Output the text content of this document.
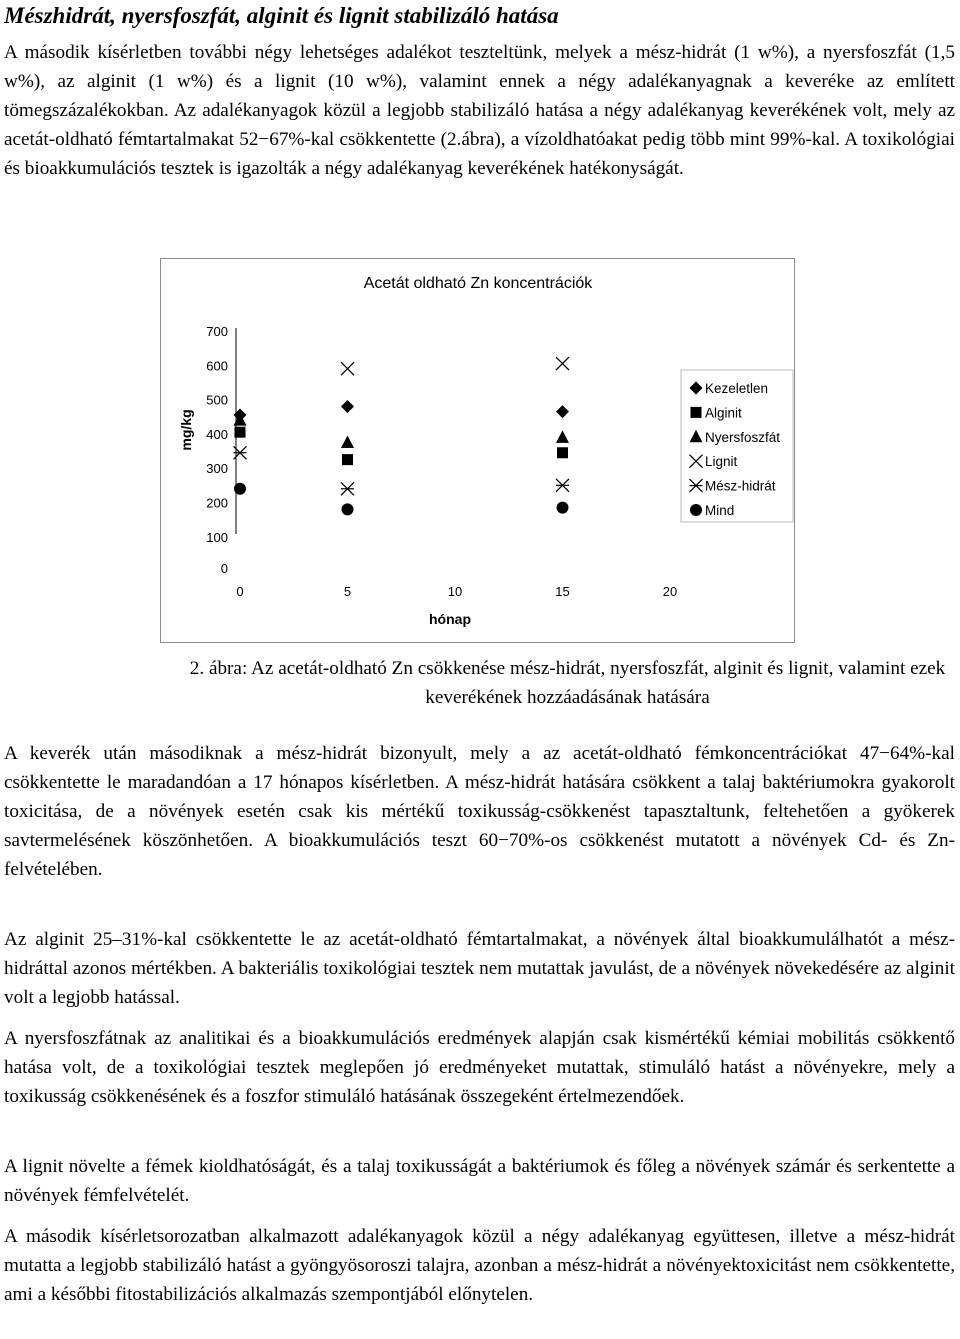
Mészhidrát, nyersfoszfát, alginit és lignit stabilizáló hatása

A második kísérletben további négy lehetséges adalékot teszteltünk, melyek a mész-hidrát (1 w%), a nyersfoszfát (1,5 w%), az alginit (1 w%) és a lignit (10 w%), valamint ennek a négy adalékanyagnak a keveréke az említett tömegszázalékokban. Az adalékanyagok közül a legjobb stabilizáló hatása a négy adalékanyag keverékének volt, mely az acetát-oldható fémtartalmakat 52−67%-kal csökkentette (2.ábra), a vízoldhatóakat pedig több mint 99%-kal. A toxikológiai és bioakkumulációs tesztek is igazolták a négy adalékanyag keverékének hatékonyságát.

Acetát oldható Zn koncentrációk
mg/kg
hónap
0
100
200
300
400
500
600
700
0	5	10	15	20
Kezeletlen
Alginit
Nyersfoszfát
Lignit
Mész-hidrát
Mind

2. ábra: Az acetát-oldható Zn csökkenése mész-hidrát, nyersfoszfát, alginit és lignit, valamint ezek keverékének hozzáadásának hatására

A keverék után másodiknak a mész-hidrát bizonyult, mely a az acetát-oldható fémkoncentrációkat 47−64%-kal csökkentette le maradandóan a 17 hónapos kísérletben. A mész-hidrát hatására csökkent a talaj baktériumokra gyakorolt toxicitása, de a növények esetén csak kis mértékű toxikusság-csökkenést tapasztaltunk, feltehetően a gyökerek savtermelésének köszönhetően. A bioakkumulációs teszt 60−70%-os csökkenést mutatott a növények Cd- és Zn-felvételében.

Az alginit 25–31%-kal csökkentette le az acetát-oldható fémtartalmakat, a növények által bioakkumulálhatót a mész-hidráttal azonos mértékben. A bakteriális toxikológiai tesztek nem mutattak javulást, de a növények növekedésére az alginit volt a legjobb hatással.

A nyersfoszfátnak az analitikai és a bioakkumulációs eredmények alapján csak kismértékű kémiai mobilitás csökkentő hatása volt, de a toxikológiai tesztek meglepően jó eredményeket mutattak, stimuláló hatást a növényekre, mely a toxikusság csökkenésének és a foszfor stimuláló hatásának összegeként értelmezendőek.

A lignit növelte a fémek kioldhatóságát, és a talaj toxikusságát a baktériumok és főleg a növények számár és serkentette a növények fémfelvételét.

A második kísérletsorozatban alkalmazott adalékanyagok közül a négy adalékanyag együttesen, illetve a mész-hidrát mutatta a legjobb stabilizáló hatást a gyöngyösoroszi talajra, azonban a mész-hidrát a növényektoxicitást nem csökkentette, ami a későbbi fitostabilizációs alkalmazás szempontjából előnytelen.
